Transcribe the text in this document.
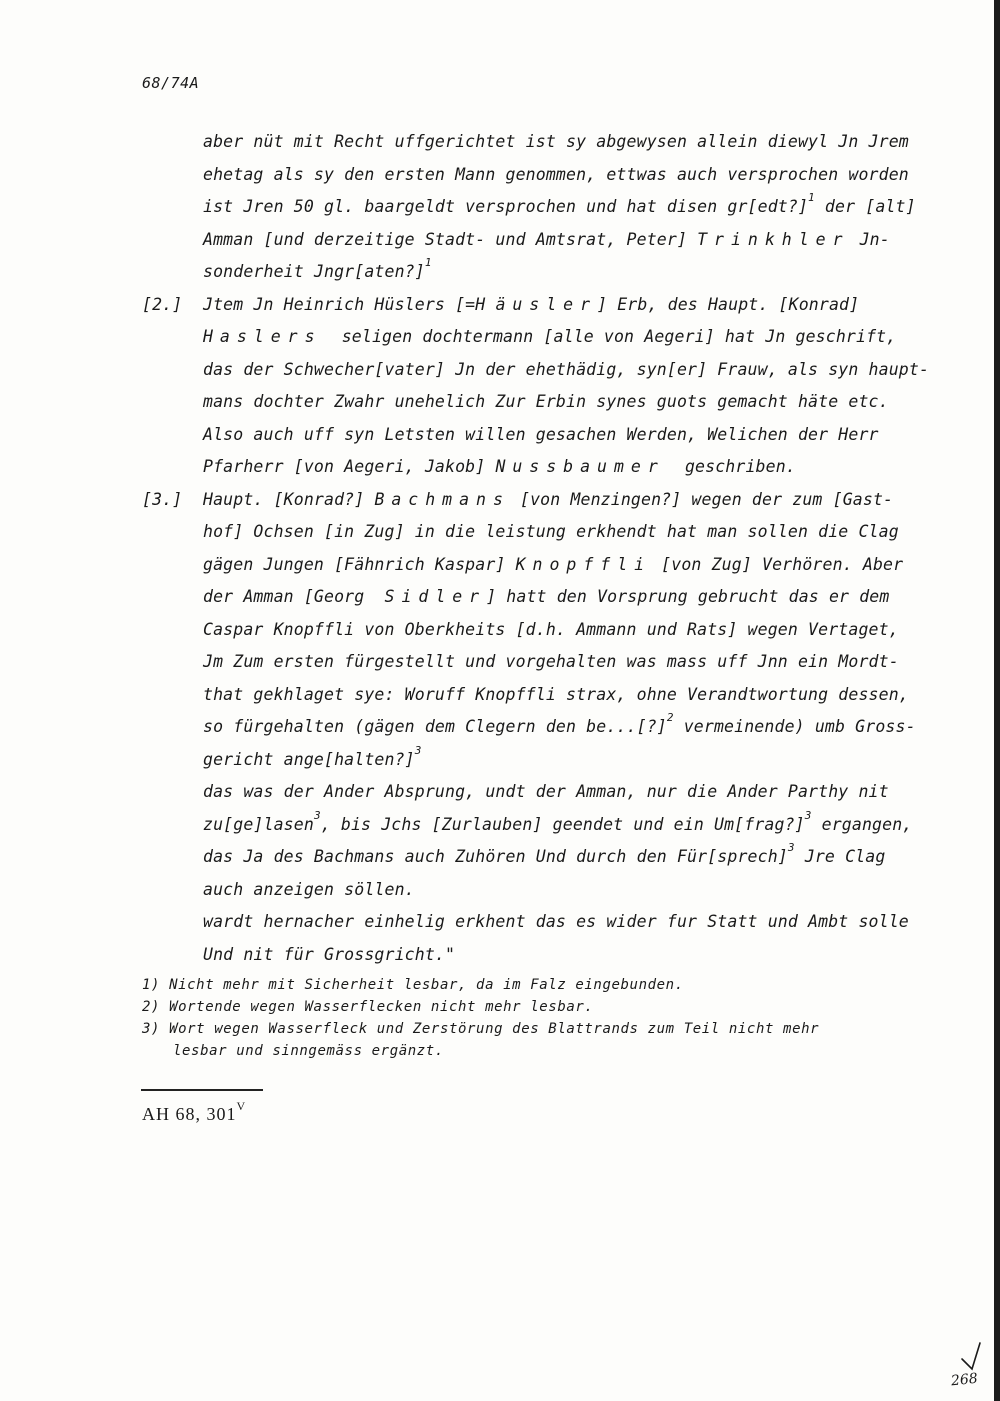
68/74A
aber nüt mit Recht uffgerichtet ist sy abgewysen allein diewyl Jn Jrem
ehetag als sy den ersten Mann genommen, ettwas auch versprochen worden
ist Jren 50 gl. baargeldt versprochen und hat disen gr[edt?]$^1$ der [alt]
Amman [und derzeitige Stadt- und Amtsrat, Peter] Trinkhler Jn-
sonderheit Jngr[aten?]$^1$
[2.] Jtem Jn Heinrich Hüslers [=H äusler] Erb, des Haupt. [Konrad]
Haslers  seligen dochtermann [alle von Aegeri] hat Jn geschrift,
das der Schwecher[vater] Jn der ehethädig, syn[er] Frauw, als syn haupt-
mans dochter Zwahr unehelich Zur Erbin synes guots gemacht häte etc.
Also auch uff syn Letsten willen gesachen Werden, Welichen der Herr
Pfarherr [von Aegeri, Jakob] Nussbaumer  geschriben.
[3.] Haupt. [Konrad?] Bachmans [von Menzingen?] wegen der zum [Gast-
hof] Ochsen [in Zug] in die leistung erkhendt hat man sollen die Clag
gägen Jungen [Fähnrich Kaspar] Knopffli [von Zug] Verhören. Aber
der Amman [Georg  Sidler] hatt den Vorsprung gebrucht das er dem
Caspar Knopffli von Oberkheits [d.h. Ammann und Rats] wegen Vertaget,
Jm Zum ersten fürgestellt und vorgehalten was mass uff Jnn ein Mordt-
that gekhlaget sye: Woruff Knopffli strax, ohne Verandtwortung dessen,
so fürgehalten (gägen dem Clegern den be...[?]$^2$ vermeinende) umb Gross-
gericht ange[halten?]$^3$
das was der Ander Absprung, undt der Amman, nur die Ander Parthy nit
zu[ge]lasen$^3$, bis Jchs [Zurlauben] geendet und ein Um[frag?]$^3$ ergangen,
das Ja des Bachmans auch Zuhören Und durch den Für[sprech]$^3$ Jre Clag
auch anzeigen söllen.
wardt hernacher einhelig erkhent das es wider fur Statt und Ambt solle
Und nit für Grossgricht."
1) Nicht mehr mit Sicherheit lesbar, da im Falz eingebunden.
2) Wortende wegen Wasserflecken nicht mehr lesbar.
3) Wort wegen Wasserfleck und Zerstörung des Blattrands zum Teil nicht mehr
lesbar und sinngemäss ergänzt.
AH 68, $301^V$
268
